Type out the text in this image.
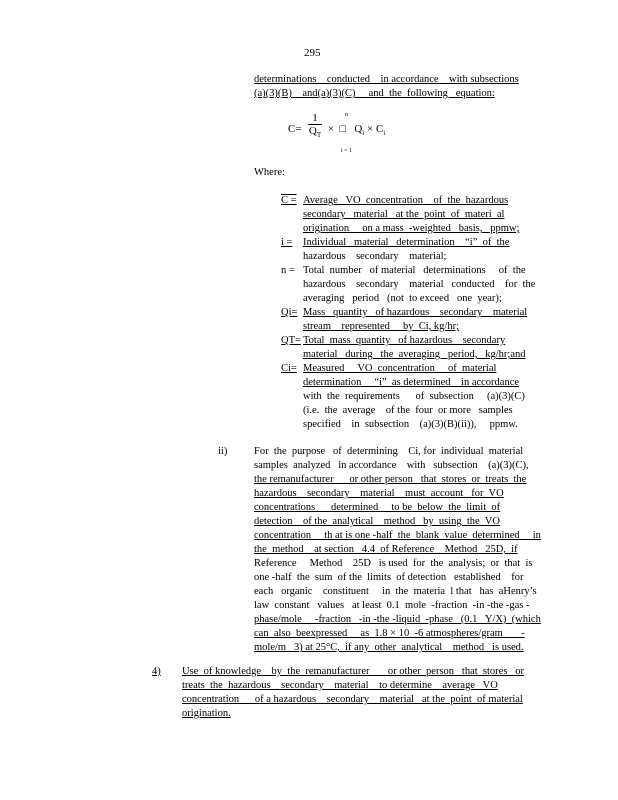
295
determinations    conducted    in accordance    with subsections
(a)(3)(B)    and(a)(3)(C)     and  the  following   equation:
$C= \frac{1}{Q_T}$ ×  □   $Q_i \times C_i$
n
i = 1
Where:
C = Average   VO  concentration    of  the  hazardous
secondary   material   at the  point  of  materi  al
origination     on a mass  -weighted   basis,   ppmw;
i =	Individual   material   determination    “i”  of  the
hazardous    secondary    material;
n = Total  number   of material   determinations     of  the
hazardous    secondary    material   conducted    for  the
averaging   period   (not  to exceed   one  year);
Qi= Mass   quantity   of hazardous    secondary    material
stream    represented     by  Ci, kg/hr;
QT= Total  mass  quantity   of hazardous    secondary
material   during   the  averaging   period,   kg/hr;and
Ci= Measured     VO  concentration     of  material
determination     “i”  as determined    in accordance
with  the  requirements      of  subsection     (a)(3)(C)
(i.e.  the  average    of the  four  or more   samples
specified    in  subsection    (a)(3)(B)(ii)),     ppmw.
ii)	For  the  purpose   of  determining    Ci, for  individual  material
samples  analyzed   in accordance    with   subsection    (a)(3)(C),
the remanufacturer      or other person   that  stores  or  treats  the
hazardous    secondary    material    must  account   for  VO
concentrations      determined     to be  below  the  limit  of
detection    of the  analytical    method   by  using  the  VO
concentration     th at is one -half  the  blank  value  determined     in
the  method    at section   4.4  of Reference    Method   25D,  if
Reference     Method    25D   is used  for  the  analysis;  or  that  is
one -half  the  sum  of the  limits  of detection   established    for
each   organic    constituent     in  the  materia  l that   has  aHenry’s
law  constant   values   at least  0.1  mole  -fraction  -in -the -gas -
phase/mole     -fraction   -in -the -liquid  -phase   (0.1   Y/X)  (which
can  also  beexpressed     as  1.8 × 10  -6 atmospheres/gram       -
mole/m   3) at 25°C,  if any  other  analytical    method   is used.
4) Use  of knowledge    by  the  remanufacturer       or other  person   that  stores   or
treats  the  hazardous    secondary    material    to determine    average   VO
concentration      of a hazardous    secondary    material   at the  point  of material
origination.
